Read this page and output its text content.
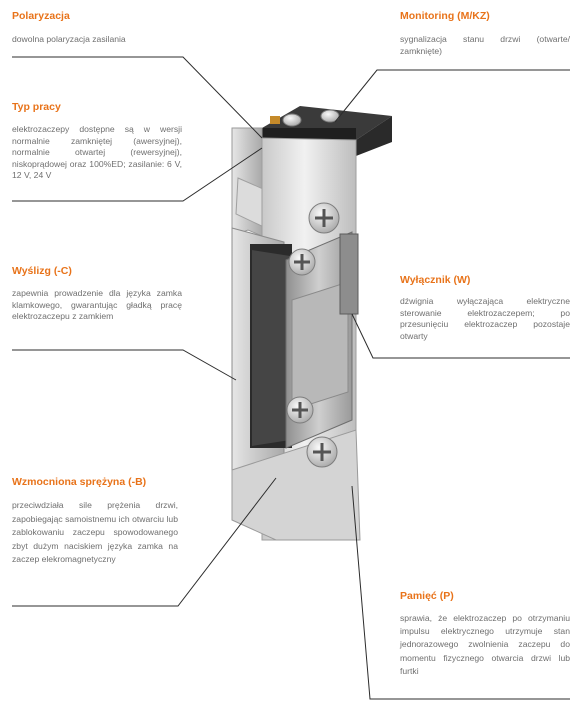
Polaryzacja

dowolna polaryzacja zasilania

Monitoring (M/KZ)

sygnalizacja stanu drzwi (otwarte/ zamknięte)

Typ pracy

elektrozaczepy dostępne są w wersji normalnie zamkniętej (awersyjnej), normalnie otwartej (rewersyjnej), niskoprądowej oraz 100%ED; zasilanie: 6 V, 12 V, 24 V

Wyślizg (-C)

zapewnia prowadzenie dla języka zamka klamkowego, gwarantując gładką pracę elektrozaczepu z zamkiem

Wyłącznik (W)

dźwignia wyłączająca elektryczne sterowanie elektrozaczepem; po przesunięciu elektrozaczep pozostaje otwarty

Wzmocniona sprężyna (-B)

przeciwdziała sile prężenia drzwi, zapobiegając samoistnemu ich otwarciu lub zablokowaniu zaczepu spowodowanego zbyt dużym naciskiem języka zamka na zaczep elekromagnetyczny

Pamięć (P)

sprawia, że elektrozaczep po otrzymaniu impulsu elektrycznego utrzymuje stan jednorazowego zwolnienia zaczepu do momentu fizycznego otwarcia drzwi lub furtki
